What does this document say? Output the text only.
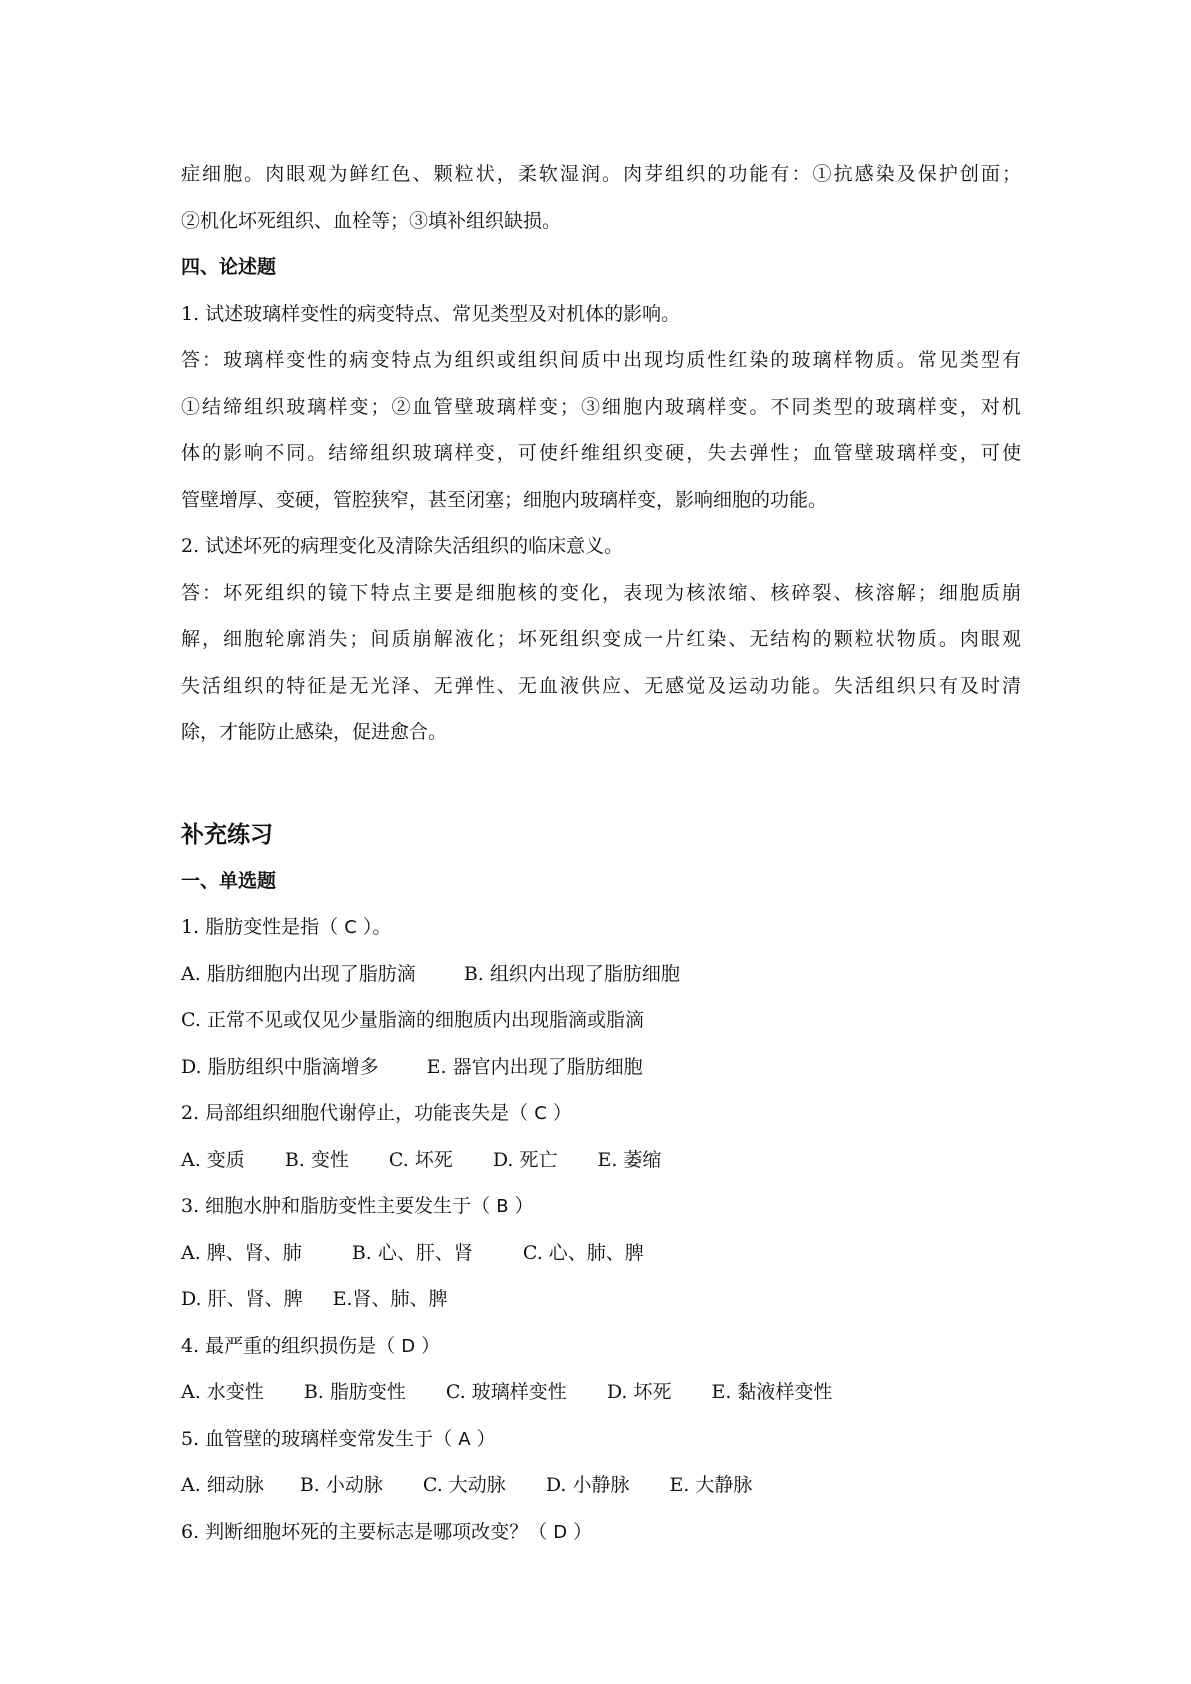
症细胞。肉眼观为鲜红色、颗粒状，柔软湿润。肉芽组织的功能有：①抗感染及保护创面；
②机化坏死组织、血栓等；③填补组织缺损。
四、论述题
1. 试述玻璃样变性的病变特点、常见类型及对机体的影响。
答：玻璃样变性的病变特点为组织或组织间质中出现均质性红染的玻璃样物质。常见类型有
①结缔组织玻璃样变；②血管壁玻璃样变；③细胞内玻璃样变。不同类型的玻璃样变，对机
体的影响不同。结缔组织玻璃样变，可使纤维组织变硬，失去弹性；血管壁玻璃样变，可使
管壁增厚、变硬，管腔狭窄，甚至闭塞；细胞内玻璃样变，影响细胞的功能。
2. 试述坏死的病理变化及清除失活组织的临床意义。
答：坏死组织的镜下特点主要是细胞核的变化，表现为核浓缩、核碎裂、核溶解；细胞质崩
解，细胞轮廓消失；间质崩解液化；坏死组织变成一片红染、无结构的颗粒状物质。肉眼观
失活组织的特征是无光泽、无弹性、无血液供应、无感觉及运动功能。失活组织只有及时清
除，才能防止感染，促进愈合。
补充练习
一、单选题
1. 脂肪变性是指（ C ）。
A. 脂肪细胞内出现了脂肪滴	B. 组织内出现了脂肪细胞
C. 正常不见或仅见少量脂滴的细胞质内出现脂滴或脂滴
D. 脂肪组织中脂滴增多	E. 器官内出现了脂肪细胞
2. 局部组织细胞代谢停止，功能丧失是（ C ）
A. 变质 B. 变性 C. 坏死 D. 死亡 E. 萎缩
3. 细胞水肿和脂肪变性主要发生于（ B ）
A. 脾、肾、肺	B. 心、肝、肾	C. 心、肺、脾
D. 肝、肾、脾 E.肾、肺、脾
4. 最严重的组织损伤是（ D ）
A. 水变性 B. 脂肪变性 C. 玻璃样变性 D. 坏死 E. 黏液样变性
5. 血管壁的玻璃样变常发生于（ A ）
A. 细动脉 B. 小动脉 C. 大动脉 D. 小静脉 E. 大静脉
6. 判断细胞坏死的主要标志是哪项改变？（ D ）
